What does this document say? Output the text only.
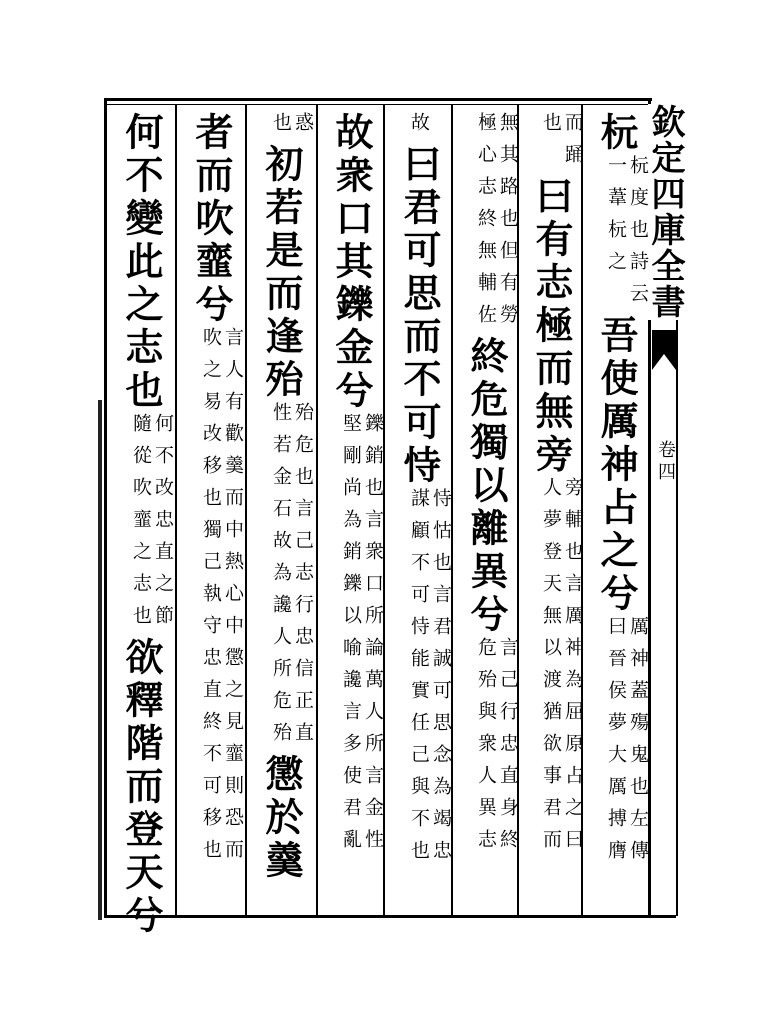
欽定四庫全書
卷四
杬杬度也詩云一葦杬之吾使厲神占之兮厲神蓋殤鬼也左傳曰晉侯夢大厲搏膺
而踊也曰有志極而無旁旁輔也言厲神為屈原占之曰人夢登天無以渡猶欲事君而
無其路也但有勞極心志終無輔佐終危獨以離異兮言己行忠直身終危殆與衆人異志
故曰君可思而不可恃恃怙也言君誠可思念為竭忠謀顧不可恃能實任己與不也
故衆口其鑠金兮鑠銷也言衆口所論萬人所言金性堅剛尚為銷鑠以喻讒言多使君亂
惑也初若是而逢殆殆危也言己志行忠信正直性若金石故為讒人所危殆懲於羹
者而吹韲兮言人有歡羹而中熱心中懲之見韲則恐而吹之易改移也獨己執守忠直終不可移也
何不變此之志也何不改忠直之節隨從吹韲之志也欲釋階而登天兮
